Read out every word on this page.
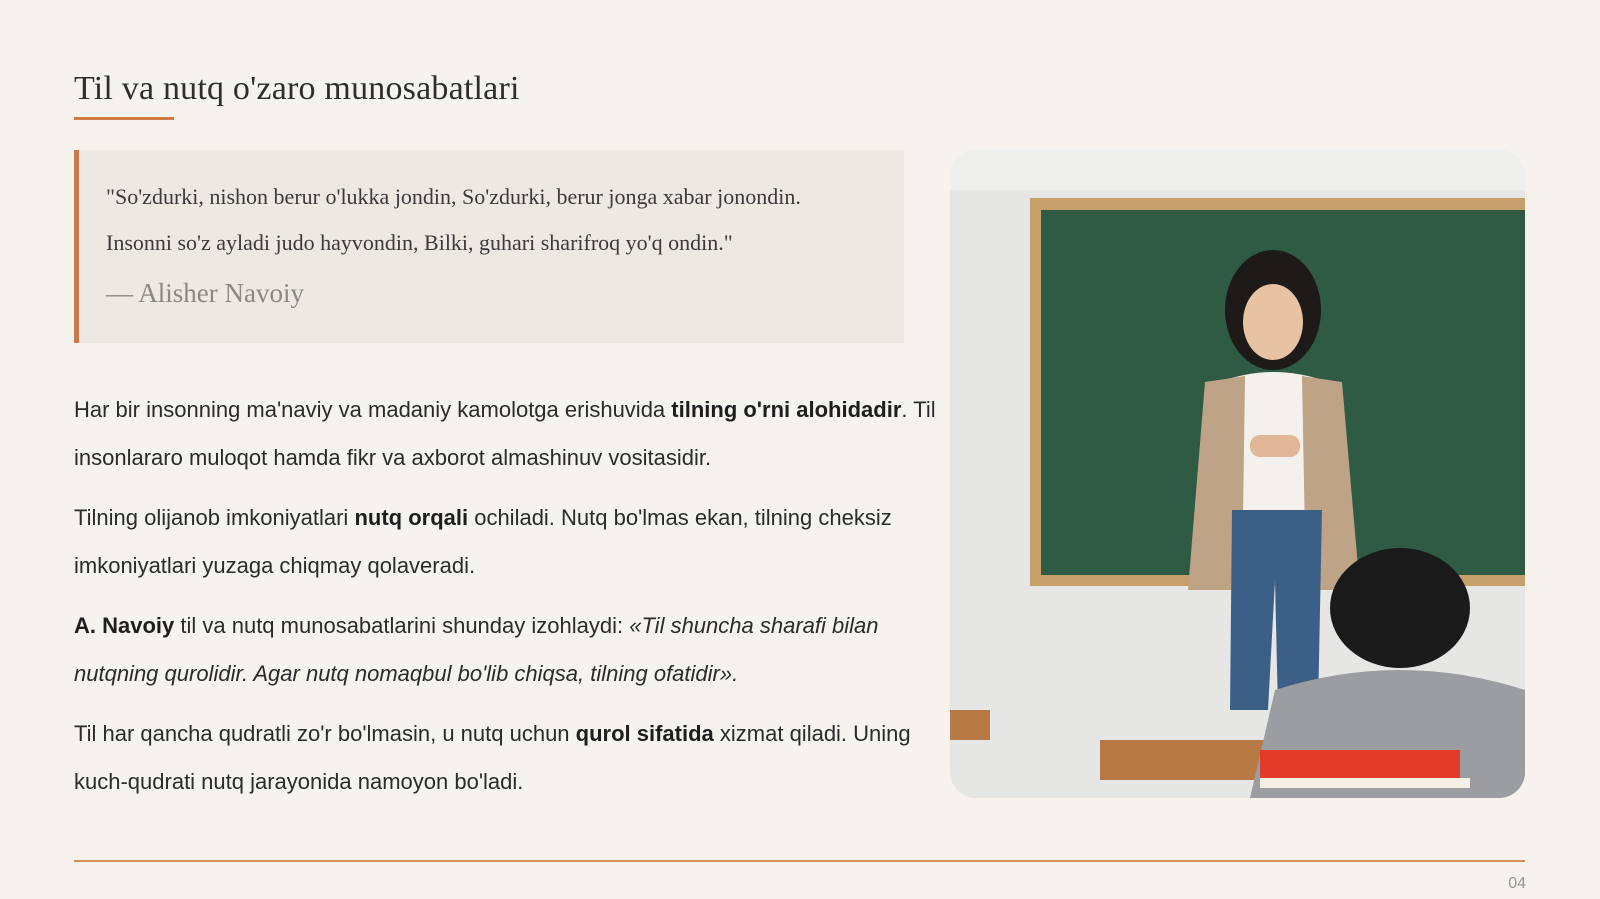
Til va nutq o'zaro munosabatlari

"So'zdurki, nishon berur o'lukka jondin, So'zdurki, berur jonga xabar jonondin.
Insonni so'z ayladi judo hayvondin, Bilki, guhari sharifroq yo'q ondin."

— Alisher Navoiy

Har bir insonning ma'naviy va madaniy kamolotga erishuvida tilning o'rni alohidadir. Til insonlararo muloqot hamda fikr va axborot almashinuv vositasidir.

Tilning olijanob imkoniyatlari nutq orqali ochiladi. Nutq bo'lmas ekan, tilning cheksiz imkoniyatlari yuzaga chiqmay qolaveradi.

A. Navoiy til va nutq munosabatlarini shunday izohlaydi: «Til shuncha sharafi bilan nutqning qurolidir. Agar nutq nomaqbul bo'lib chiqsa, tilning ofatidir».

Til har qancha qudratli zo'r bo'lmasin, u nutq uchun qurol sifatida xizmat qiladi. Uning kuch-qudrati nutq jarayonida namoyon bo'ladi.

04
